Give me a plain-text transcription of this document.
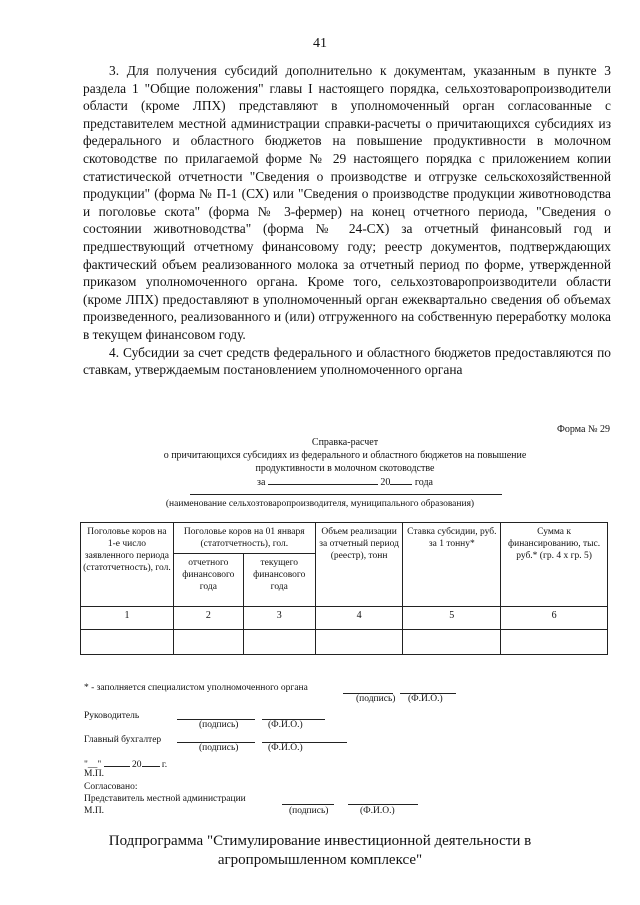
41

3. Для получения субсидий дополнительно к документам, указанным в пункте 3 раздела 1 "Общие положения" главы I настоящего порядка, сельхозтоваропроизводители области (кроме ЛПХ) представляют в уполномоченный орган согласованные с представителем местной администрации справки-расчеты о причитающихся субсидиях из федерального и областного бюджетов на повышение продуктивности в молочном скотоводстве по прилагаемой форме № 29 настоящего порядка с приложением копии статистической отчетности "Сведения о производстве и отгрузке сельскохозяйственной продукции" (форма № П-1 (СХ) или "Сведения о производстве продукции животноводства и поголовье скота" (форма № 3-фермер) на конец отчетного периода, "Сведения о состоянии животноводства" (форма № 24-СХ) за отчетный финансовый год и предшествующий отчетному финансовому году; реестр документов, подтверждающих фактический объем реализованного молока за отчетный период по форме, утвержденной приказом уполномоченного органа. Кроме того, сельхозтоваропроизводители области (кроме ЛПХ) предоставляют в уполномоченный орган ежеквартально сведения об объемах произведенного, реализованного и (или) отгруженного на собственную переработку молока в текущем финансовом году.

4. Субсидии за счет средств федерального и областного бюджетов предоставляются по ставкам, утверждаемым постановлением уполномоченного органа

Форма № 29
Справка-расчет
о причитающихся субсидиях из федерального и областного бюджетов на повышение
продуктивности в молочном скотоводстве
за	20 года
(наименование сельхозтоваропроизводителя, муниципального образования)
Поголовье коров на 1-е число заявленного периода (статотчетность), гол.	Поголовье коров на 01 января (статотчетность), гол.		Объем реализации за отчетный период (реестр), тонн	Ставка субсидии, руб. за 1 тонну*	Сумма к финансированию, тыс. руб.* (гр. 4 х гр. 5)
	отчетного финансового года	текущего финансового года			
1	2	3	4	5	6

* - заполняется специалистом уполномоченного органа
(подпись) (Ф.И.О.)
Руководитель
(подпись)	(Ф.И.О.)
Главный бухгалтер
(подпись)	(Ф.И.О.)
"__"	20 г.
М.П.
Согласовано:
Представитель местной администрации
М.П.	(подпись)	(Ф.И.О.)
Подпрограмма "Стимулирование инвестиционной деятельности в
агропромышленном комплексе"
